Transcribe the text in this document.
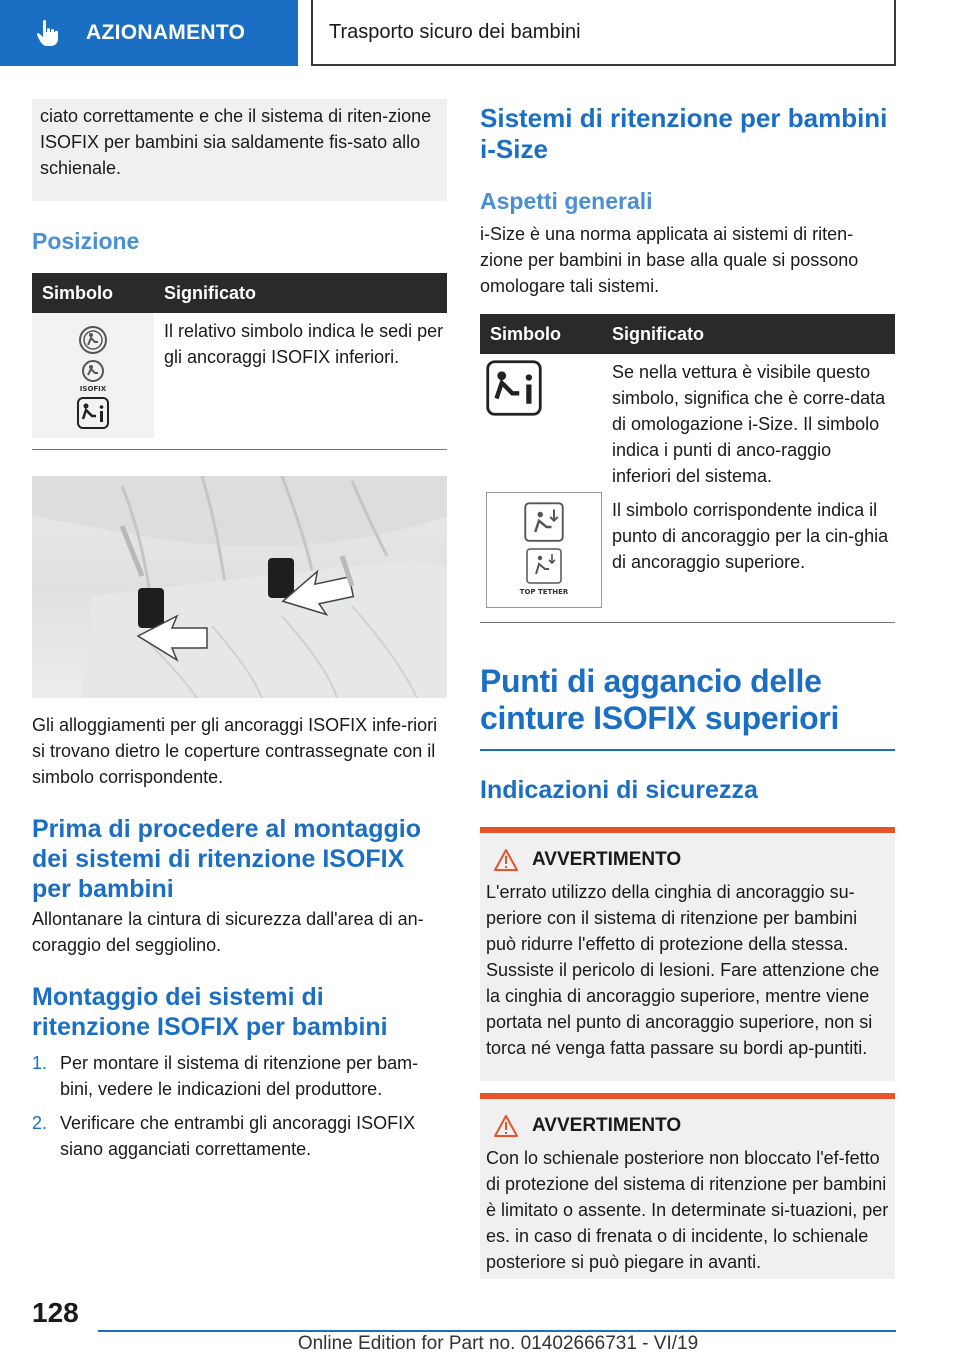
AZIONAMENTO	Trasporto sicuro dei bambini
ciato correttamente e che il sistema di riten-zione ISOFIX per bambini sia saldamente fis-sato allo schienale.
Posizione
Simbolo	Significato

ISOFIX	Il relativo simbolo indica le sedi per gli ancoraggi ISOFIX inferiori.

Gli alloggiamenti per gli ancoraggi ISOFIX infe-riori si trovano dietro le coperture contrassegnate con il simbolo corrispondente.

Prima di procedere al montaggio dei sistemi di ritenzione ISOFIX per bambini

Allontanare la cintura di sicurezza dall'area di an-coraggio del seggiolino.

Montaggio dei sistemi di ritenzione ISOFIX per bambini
1. Per montare il sistema di ritenzione per bam-bini, vedere le indicazioni del produttore.
2. Verificare che entrambi gli ancoraggi ISOFIX siano agganciati correttamente.
Sistemi di ritenzione per bambini i-Size
Aspetti generali

i-Size è una norma applicata ai sistemi di riten-zione per bambini in base alla quale si possono omologare tali sistemi.

Simbolo	Significato
	Se nella vettura è visibile questo simbolo, significa che è corre-data di omologazione i-Size. Il simbolo indica i punti di anco-raggio inferiori del sistema.

TOP TETHER	Il simbolo corrispondente indica il punto di ancoraggio per la cin-ghia di ancoraggio superiore.
Punti di aggancio delle cinture ISOFIX superiori
Indicazioni di sicurezza
AVVERTIMENTO
L'errato utilizzo della cinghia di ancoraggio su-periore con il sistema di ritenzione per bambini può ridurre l'effetto di protezione della stessa. Sussiste il pericolo di lesioni. Fare attenzione che la cinghia di ancoraggio superiore, mentre viene portata nel punto di ancoraggio superiore, non si torca né venga fatta passare su bordi ap-puntiti.
AVVERTIMENTO
Con lo schienale posteriore non bloccato l'ef-fetto di protezione del sistema di ritenzione per bambini è limitato o assente. In determinate si-tuazioni, per es. in caso di frenata o di incidente, lo schienale posteriore si può piegare in avanti.
128
Online Edition for Part no. 01402666731 - VI/19
